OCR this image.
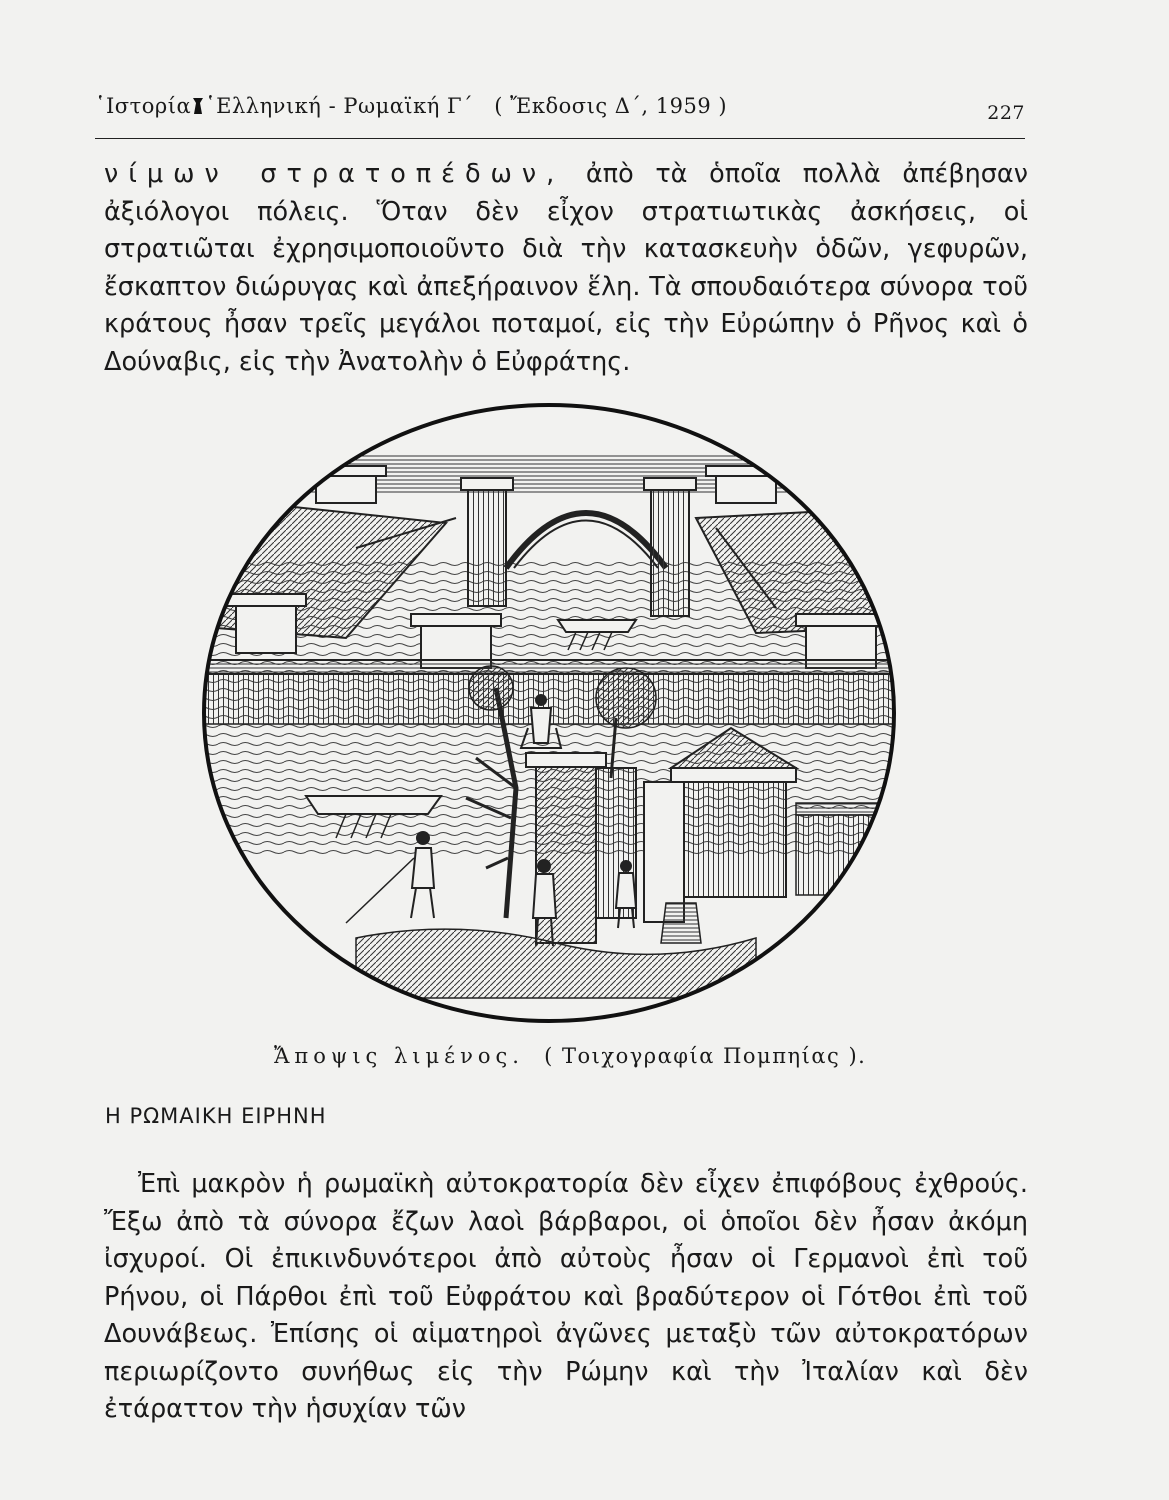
῾Ιστορία ῾Ελληνική - Ρωμαϊκή Γ΄ ( Ἔκδοσις Δ΄, 1959 )	227

νίμων στρατοπέδων, ἀπὸ τὰ ὁποῖα πολλὰ ἀπέβησαν ἀξιόλογοι πόλεις. Ὅταν δὲν εἶχον στρατιωτικὰς ἀσκήσεις, οἱ στρατιῶται ἐχρησιμοποιοῦντο διὰ τὴν κατασκευὴν ὁδῶν, γεφυρῶν, ἔσκαπτον διώρυγας καὶ ἀπεξήραινον ἕλη. Τὰ σπουδαιότερα σύνορα τοῦ κράτους ἦσαν τρεῖς μεγάλοι ποταμοί, εἰς τὴν Εὐρώπην ὁ Ρῆνος καὶ ὁ Δούναβις, εἰς τὴν Ἀνατολὴν ὁ Εὐφράτης.

Ἄποψις λιμένος. ( Τοιχογραφία Πομπηίας ).
Η ΡΩΜΑΙΚΗ ΕΙΡΗΝΗ

Ἐπὶ μακρὸν ἡ ρωμαϊκὴ αὐτοκρατορία δὲν εἶχεν ἐπιφόβους ἐχθρούς. Ἔξω ἀπὸ τὰ σύνορα ἔζων λαοὶ βάρβαροι, οἱ ὁποῖοι δὲν ἦσαν ἀκόμη ἰσχυροί. Οἱ ἐπικινδυνότεροι ἀπὸ αὐτοὺς ἦσαν οἱ Γερμανοὶ ἐπὶ τοῦ Ρήνου, οἱ Πάρθοι ἐπὶ τοῦ Εὐφράτου καὶ βραδύτερον οἱ Γότθοι ἐπὶ τοῦ Δουνάβεως. Ἐπίσης οἱ αἱματηροὶ ἀγῶνες μεταξὺ τῶν αὐτοκρατόρων περιωρίζοντο συνήθως εἰς τὴν Ρώμην καὶ τὴν Ἰταλίαν καὶ δὲν ἐτάραττον τὴν ἡσυχίαν τῶν
